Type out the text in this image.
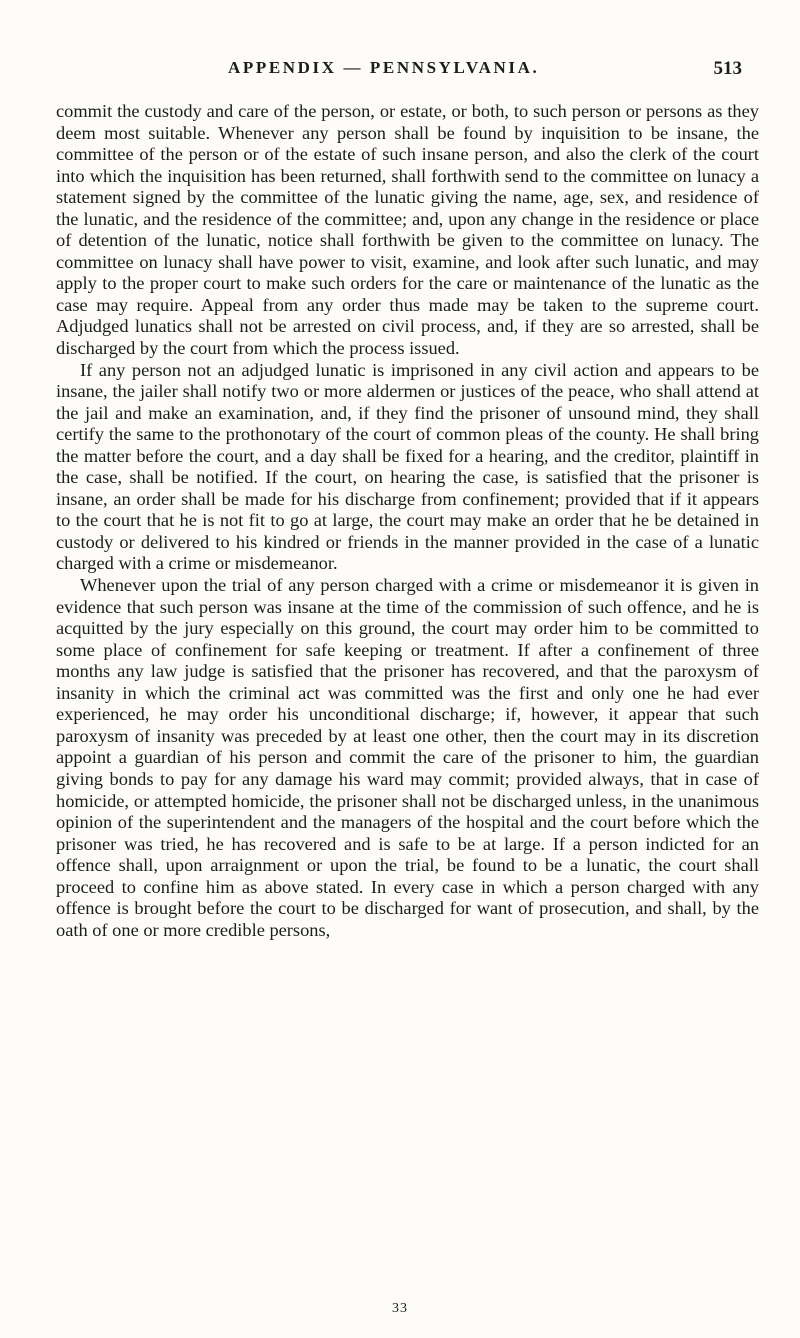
APPENDIX — PENNSYLVANIA.	513

commit the custody and care of the person, or estate, or both, to such person or persons as they deem most suitable. Whenever any person shall be found by inquisition to be insane, the committee of the person or of the estate of such insane person, and also the clerk of the court into which the inquisition has been returned, shall forthwith send to the committee on lunacy a statement signed by the committee of the lunatic giving the name, age, sex, and residence of the lunatic, and the residence of the committee; and, upon any change in the residence or place of detention of the lunatic, notice shall forthwith be given to the committee on lunacy. The committee on lunacy shall have power to visit, examine, and look after such lunatic, and may apply to the proper court to make such orders for the care or maintenance of the lunatic as the case may require. Appeal from any order thus made may be taken to the supreme court. Adjudged lunatics shall not be arrested on civil process, and, if they are so arrested, shall be discharged by the court from which the process issued.

If any person not an adjudged lunatic is imprisoned in any civil action and appears to be insane, the jailer shall notify two or more aldermen or justices of the peace, who shall attend at the jail and make an examination, and, if they find the prisoner of unsound mind, they shall certify the same to the prothonotary of the court of common pleas of the county. He shall bring the matter before the court, and a day shall be fixed for a hearing, and the creditor, plaintiff in the case, shall be notified. If the court, on hearing the case, is satisfied that the prisoner is insane, an order shall be made for his discharge from confinement; provided that if it appears to the court that he is not fit to go at large, the court may make an order that he be detained in custody or delivered to his kindred or friends in the manner provided in the case of a lunatic charged with a crime or misdemeanor.

Whenever upon the trial of any person charged with a crime or misdemeanor it is given in evidence that such person was insane at the time of the commission of such offence, and he is acquitted by the jury especially on this ground, the court may order him to be committed to some place of confinement for safe keeping or treatment. If after a confinement of three months any law judge is satisfied that the prisoner has recovered, and that the paroxysm of insanity in which the criminal act was committed was the first and only one he had ever experienced, he may order his unconditional discharge; if, however, it appear that such paroxysm of insanity was preceded by at least one other, then the court may in its discretion appoint a guardian of his person and commit the care of the prisoner to him, the guardian giving bonds to pay for any damage his ward may commit; provided always, that in case of homicide, or attempted homicide, the prisoner shall not be discharged unless, in the unanimous opinion of the superintendent and the managers of the hospital and the court before which the prisoner was tried, he has recovered and is safe to be at large. If a person indicted for an offence shall, upon arraignment or upon the trial, be found to be a lunatic, the court shall proceed to confine him as above stated. In every case in which a person charged with any offence is brought before the court to be discharged for want of prosecution, and shall, by the oath of one or more credible persons,

33
